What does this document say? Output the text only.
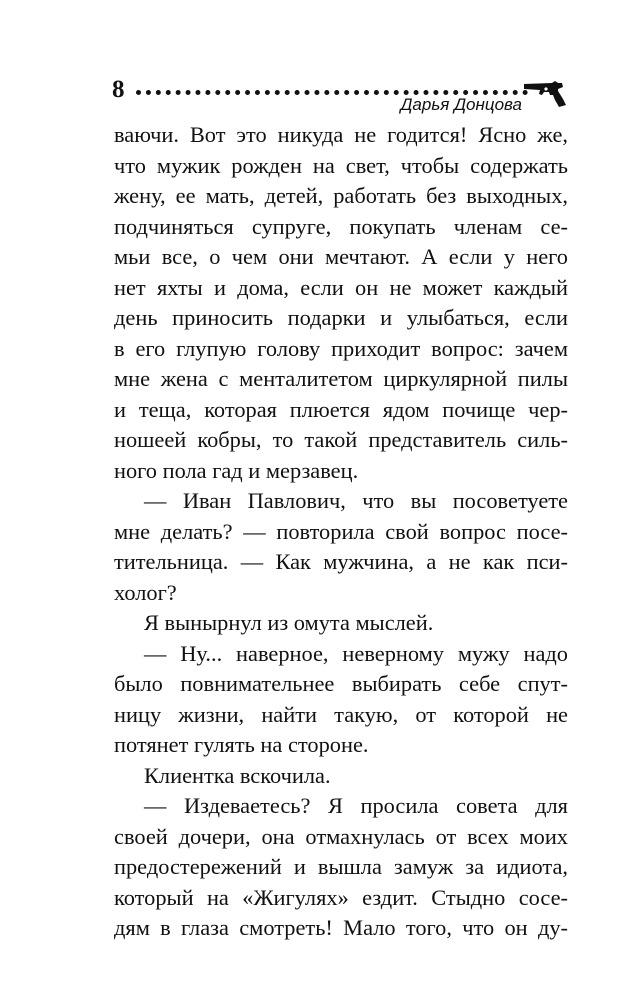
8

Дарья Донцова

ваючи. Вот это никуда не годится! Ясно же,

что мужик рожден на свет, чтобы содержать

жену, ее мать, детей, работать без выходных,

подчиняться супруге, покупать членам се-

мьи все, о чем они мечтают. А если у него

нет яхты и дома, если он не может каждый

день приносить подарки и улыбаться, если

в его глупую голову приходит вопрос: зачем

мне жена с менталитетом циркулярной пилы

и теща, которая плюется ядом почище чер-

ношеей кобры, то такой представитель силь-

ного пола гад и мерзавец.

— Иван Павлович, что вы посоветуете

мне делать? — повторила свой вопрос посе-

тительница. — Как мужчина, а не как пси-

холог?

Я вынырнул из омута мыслей.

— Ну... наверное, неверному мужу надо

было повнимательнее выбирать себе спут-

ницу жизни, найти такую, от которой не

потянет гулять на стороне.

Клиентка вскочила.

— Издеваетесь? Я просила совета для

своей дочери, она отмахнулась от всех моих

предостережений и вышла замуж за идиота,

который на «Жигулях» ездит. Стыдно сосе-

дям в глаза смотреть! Мало того, что он ду-
